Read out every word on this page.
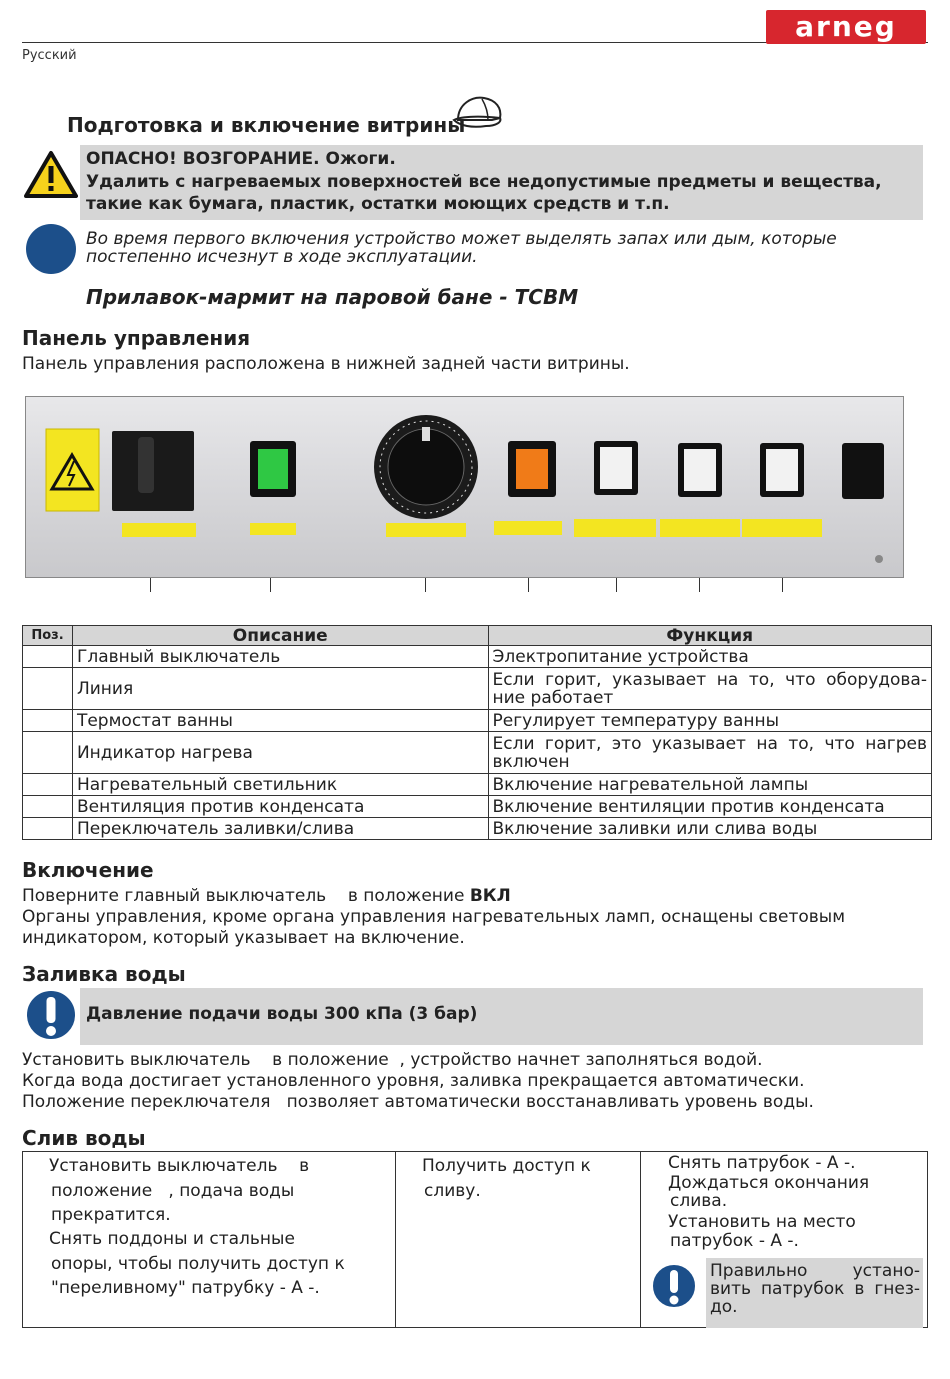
Русский
arneg
Подготовка и включение витрины
ОПАСНО! ВОЗГОРАНИЕ. Ожоги.
Удалить с нагреваемых поверхностей все недопустимые предметы и вещества,
такие как бумага, пластик, остатки моющих средств и т.п.
Во время первого включения устройство может выделять запах или дым, которые
постепенно исчезнут в ходе эксплуатации.
Прилавок-мармит на паровой бане - TCBM
Панель управления
Панель управления расположена в нижней задней части витрины.
Поз.	Описание	Функция
	Главный выключатель	Электропитание устройства
	Линия	Если горит, указывает на то, что оборудова-ние работает
	Термостат ванны	Регулирует температуру ванны
	Индикатор нагрева	Если горит, это указывает на то, что нагрев включен
	Нагревательный светильник	Включение нагревательной лампы
	Вентиляция против конденсата	Включение вентиляции против конденсата
	Переключатель заливки/слива	Включение заливки или слива воды
Включение
Поверните главный выключатель    в положение ВКЛ
Органы управления, кроме органа управления нагревательных ламп, оснащены световым
индикатором, который указывает на включение.
Заливка воды
Давление подачи воды 300 кПа (3 бар)
Установить выключатель    в положение  , устройство начнет заполняться водой.
Когда вода достигает установленного уровня, заливка прекращается автоматически.
Положение переключателя   позволяет автоматически восстанавливать уровень воды.
Слив воды
Установить выключатель    в
положение   , подача воды
прекратится.
Снять поддоны и стальные
опоры, чтобы получить доступ к
"переливному" патрубку - А -.
Получить доступ к
сливу.
Снять патрубок - А -.
Дождаться окончания
слива.
Установить на место
патрубок - А -.
Правильно устано-вить патрубок в гнез-до.
